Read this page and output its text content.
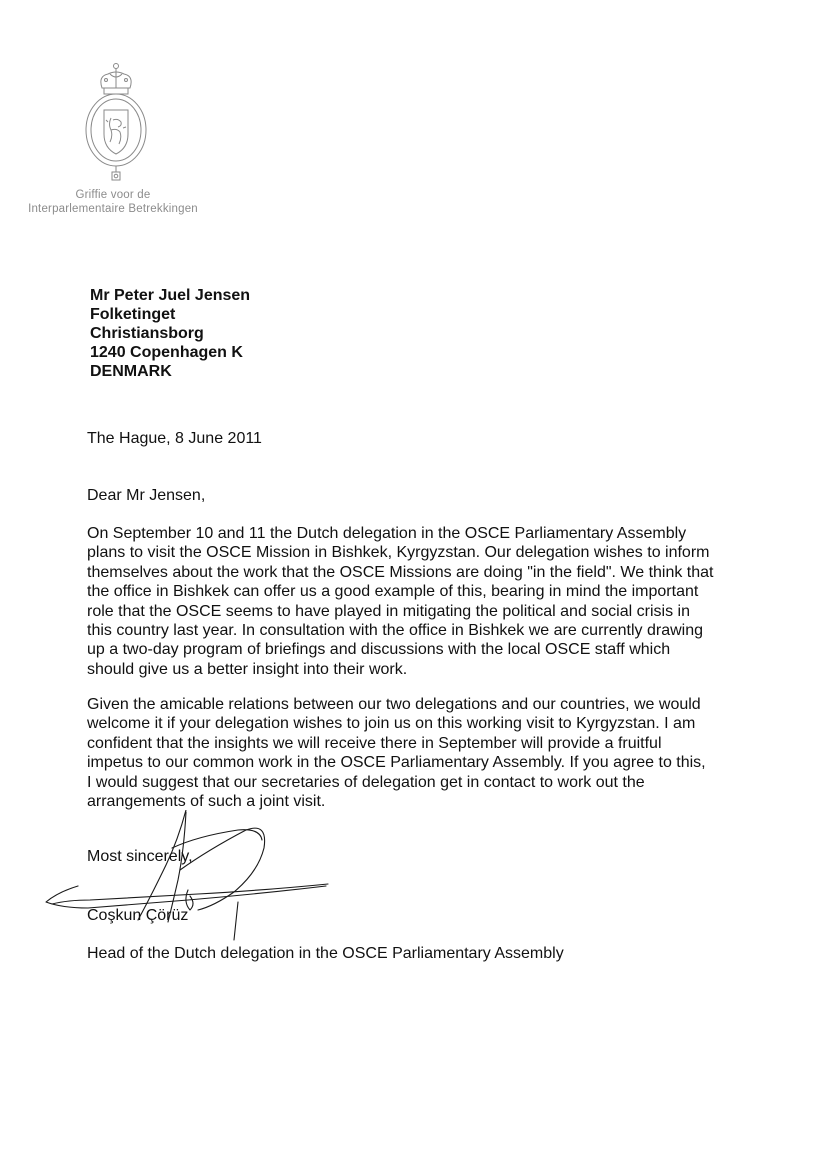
Griffie voor de
Interparlementaire Betrekkingen
Mr Peter Juel Jensen
Folketinget
Christiansborg
1240 Copenhagen K
DENMARK
The Hague, 8 June 2011
Dear Mr Jensen,
On September 10 and 11 the Dutch delegation in the OSCE Parliamentary Assembly
plans to visit the OSCE Mission in Bishkek, Kyrgyzstan. Our delegation wishes to inform
themselves about the work that the OSCE Missions are doing "in the field". We think that
the office in Bishkek can offer us a good example of this, bearing in mind the important
role that the OSCE seems to have played in mitigating the political and social crisis in
this country last year. In consultation with the office in Bishkek we are currently drawing
up a two-day program of briefings and discussions with the local OSCE staff which
should give us a better insight into their work.
Given the amicable relations between our two delegations and our countries, we would
welcome it if your delegation wishes to join us on this working visit to Kyrgyzstan. I am
confident that the insights we will receive there in September will provide a fruitful
impetus to our common work in the OSCE Parliamentary Assembly. If you agree to this,
I would suggest that our secretaries of delegation get in contact to work out the
arrangements of such a joint visit.
Most sincerely,
Coşkun Çörüz
Head of the Dutch delegation in the OSCE Parliamentary Assembly
